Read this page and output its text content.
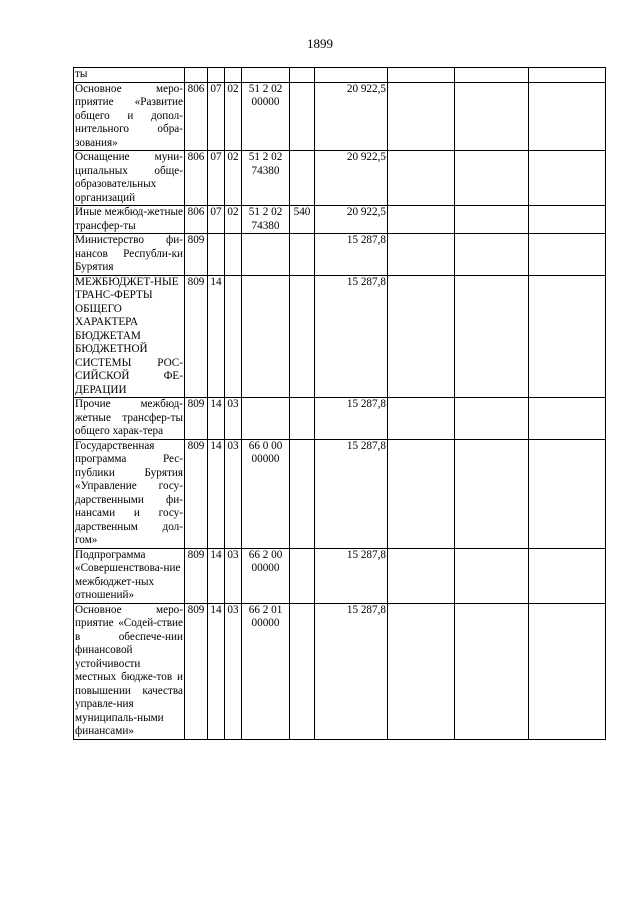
1899
ты									
Основное меро-приятие «Развитие общего и допол-нительного обра-зования»	806	07	02	51 2 02
00000		20 922,5			
Оснащение муни-ципальных обще-образовательных организаций	806	07	02	51 2 02
74380		20 922,5			
Иные межбюд-жетные трансфер-ты	806	07	02	51 2 02
74380	540	20 922,5			
Министерство фи-нансов Республи-ки Бурятия	809					15 287,8			
МЕЖБЮДЖЕТ-НЫЕ ТРАНС-ФЕРТЫ ОБЩЕГО ХАРАКТЕРА БЮДЖЕТАМ БЮДЖЕТНОЙ СИСТЕМЫ РОС-СИЙСКОЙ ФЕ-ДЕРАЦИИ	809	14				15 287,8			
Прочие межбюд-жетные трансфер-ты общего харак-тера	809	14	03			15 287,8			
Государственная программа Рес-публики Бурятия «Управление госу-дарственными фи-нансами и госу-дарственным дол-гом»	809	14	03	66 0 00
00000		15 287,8			
Подпрограмма «Совершенствова-ние межбюджет-ных отношений»	809	14	03	66 2 00
00000		15 287,8			
Основное меро-приятие «Содей-ствие в обеспече-нии финансовой устойчивости местных бюдже-тов и повышении качества управле-ния муниципаль-ными финансами»	809	14	03	66 2 01
00000		15 287,8			
